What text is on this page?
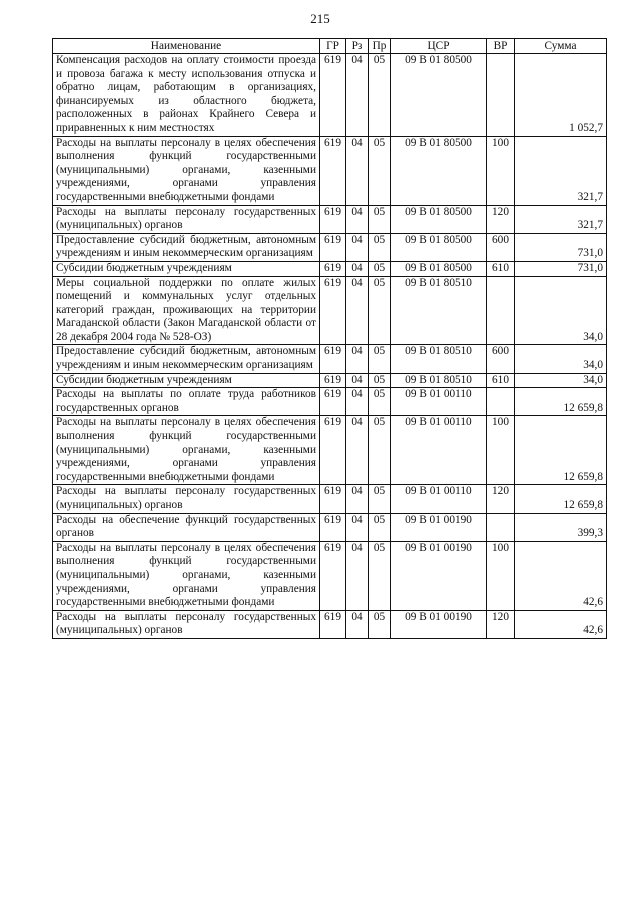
215
Наименование	ГР	Рз	Пр	ЦСР	ВР	Сумма
Компенсация расходов на оплату стоимости проезда и провоза багажа к месту использования отпуска и обратно лицам, работающим в организациях, финансируемых из областного бюджета, расположенных в районах Крайнего Севера и приравненных к ним местностях	619	04	05	09 В 01 80500		1 052,7
Расходы на выплаты персоналу в целях обеспечения выполнения функций государственными (муниципальными) органами, казенными учреждениями, органами управления государственными внебюджетными фондами	619	04	05	09 В 01 80500	100	321,7
Расходы на выплаты персоналу государственных (муниципальных) органов	619	04	05	09 В 01 80500	120	321,7
Предоставление субсидий бюджетным, автономным учреждениям и иным некоммерческим организациям	619	04	05	09 В 01 80500	600	731,0
Субсидии бюджетным учреждениям	619	04	05	09 В 01 80500	610	731,0
Меры социальной поддержки по оплате жилых помещений и коммунальных услуг отдельных категорий граждан, проживающих на территории Магаданской области (Закон Магаданской области от 28 декабря 2004 года № 528-ОЗ)	619	04	05	09 В 01 80510		34,0
Предоставление субсидий бюджетным, автономным учреждениям и иным некоммерческим организациям	619	04	05	09 В 01 80510	600	34,0
Субсидии бюджетным учреждениям	619	04	05	09 В 01 80510	610	34,0
Расходы на выплаты по оплате труда работников государственных органов	619	04	05	09 В 01 00110		12 659,8
Расходы на выплаты персоналу в целях обеспечения выполнения функций государственными (муниципальными) органами, казенными учреждениями, органами управления государственными внебюджетными фондами	619	04	05	09 В 01 00110	100	12 659,8
Расходы на выплаты персоналу государственных (муниципальных) органов	619	04	05	09 В 01 00110	120	12 659,8
Расходы на обеспечение функций государственных органов	619	04	05	09 В 01 00190		399,3
Расходы на выплаты персоналу в целях обеспечения выполнения функций государственными (муниципальными) органами, казенными учреждениями, органами управления государственными внебюджетными фондами	619	04	05	09 В 01 00190	100	42,6
Расходы на выплаты персоналу государственных (муниципальных) органов	619	04	05	09 В 01 00190	120	42,6
